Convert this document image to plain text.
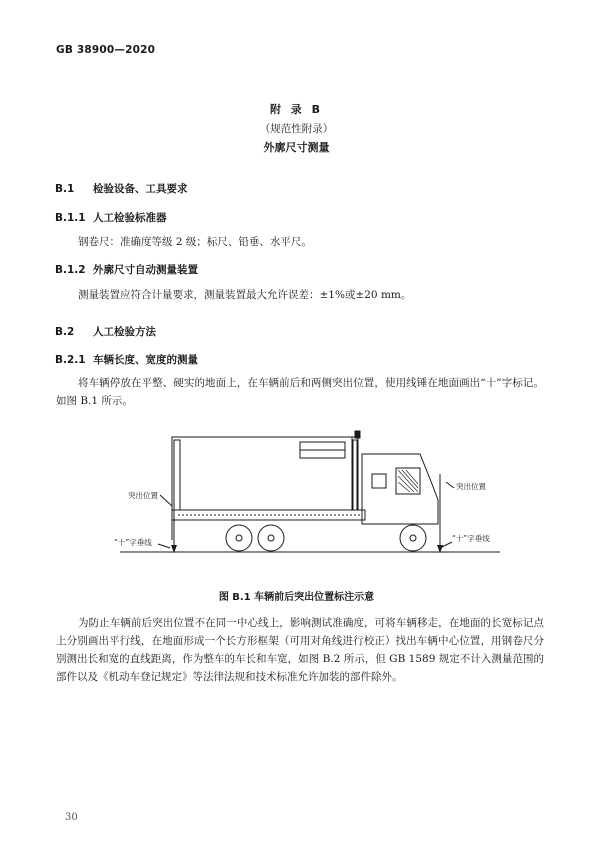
GB 38900—2020
附 录 B
（规范性附录）
外廓尺寸测量
B.1 检验设备、工具要求
B.1.1 人工检验标准器
钢卷尺：准确度等级 2 级；标尺、铅垂、水平尺。
B.1.2 外廓尺寸自动测量装置
测量装置应符合计量要求，测量装置最大允许误差：±1%或±20 mm。
B.2 人工检验方法
B.2.1 车辆长度、宽度的测量
将车辆停放在平整、硬实的地面上，在车辆前后和两侧突出位置，使用线锤在地面画出“十”字标记。如图 B.1 所示。
突出位置
突出位置
“十”字垂线	“十”字垂线
图 B.1 车辆前后突出位置标注示意
为防止车辆前后突出位置不在同一中心线上，影响测试准确度，可将车辆移走，在地面的长宽标记点上分别画出平行线，在地面形成一个长方形框架（可用对角线进行校正）找出车辆中心位置，用钢卷尺分别测出长和宽的直线距离，作为整车的车长和车宽，如图 B.2 所示，但 GB 1589 规定不计入测量范围的部件以及《机动车登记规定》等法律法规和技术标准允许加装的部件除外。
30
